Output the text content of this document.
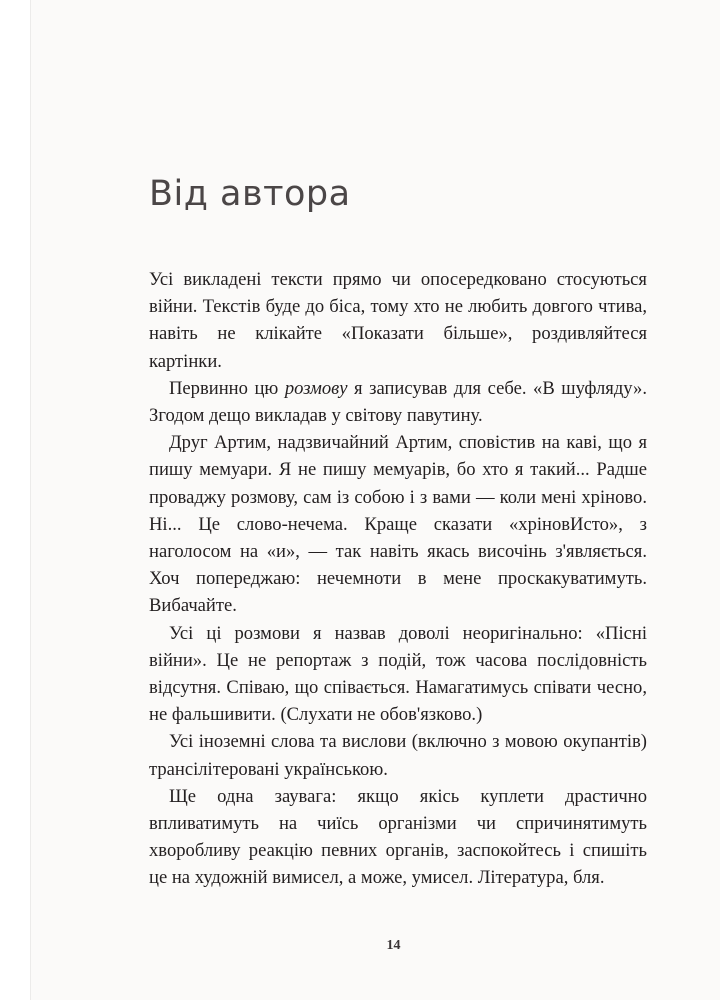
Від автора

Усі викладені тексти прямо чи опосередковано стосуються війни. Текстів буде до біса, тому хто не любить довгого чтива, навіть не клікайте «Показати більше», роздивляйтеся картінки.

Первинно цю розмову я записував для себе. «В шуфляду». Згодом дещо викладав у світову павутину.

Друг Артим, надзвичайний Артим, сповістив на каві, що я пишу мемуари. Я не пишу мемуарів, бо хто я такий... Радше проваджу розмову, сам із собою і з вами — коли мені хріново. Ні... Це слово-нечема. Краще сказати «хріновИсто», з наголосом на «и», — так навіть якась височінь з'являється. Хоч попереджаю: нечемноти в мене проскакуватимуть. Вибачайте.

Усі ці розмови я назвав доволі неоригінально: «Пісні війни». Це не репортаж з подій, тож часова послідовність відсутня. Співаю, що співається. Намагатимусь співати чесно, не фальшивити. (Слухати не обов'язково.)

Усі іноземні слова та вислови (включно з мовою окупантів) трансілітеровані українською.

Ще одна заувага: якщо якісь куплети драстично впливатимуть на чиїсь організми чи спричинятимуть хворобливу реакцію певних органів, заспокойтесь і спишіть це на художній вимисел, а може, умисел. Література, бля.

14
